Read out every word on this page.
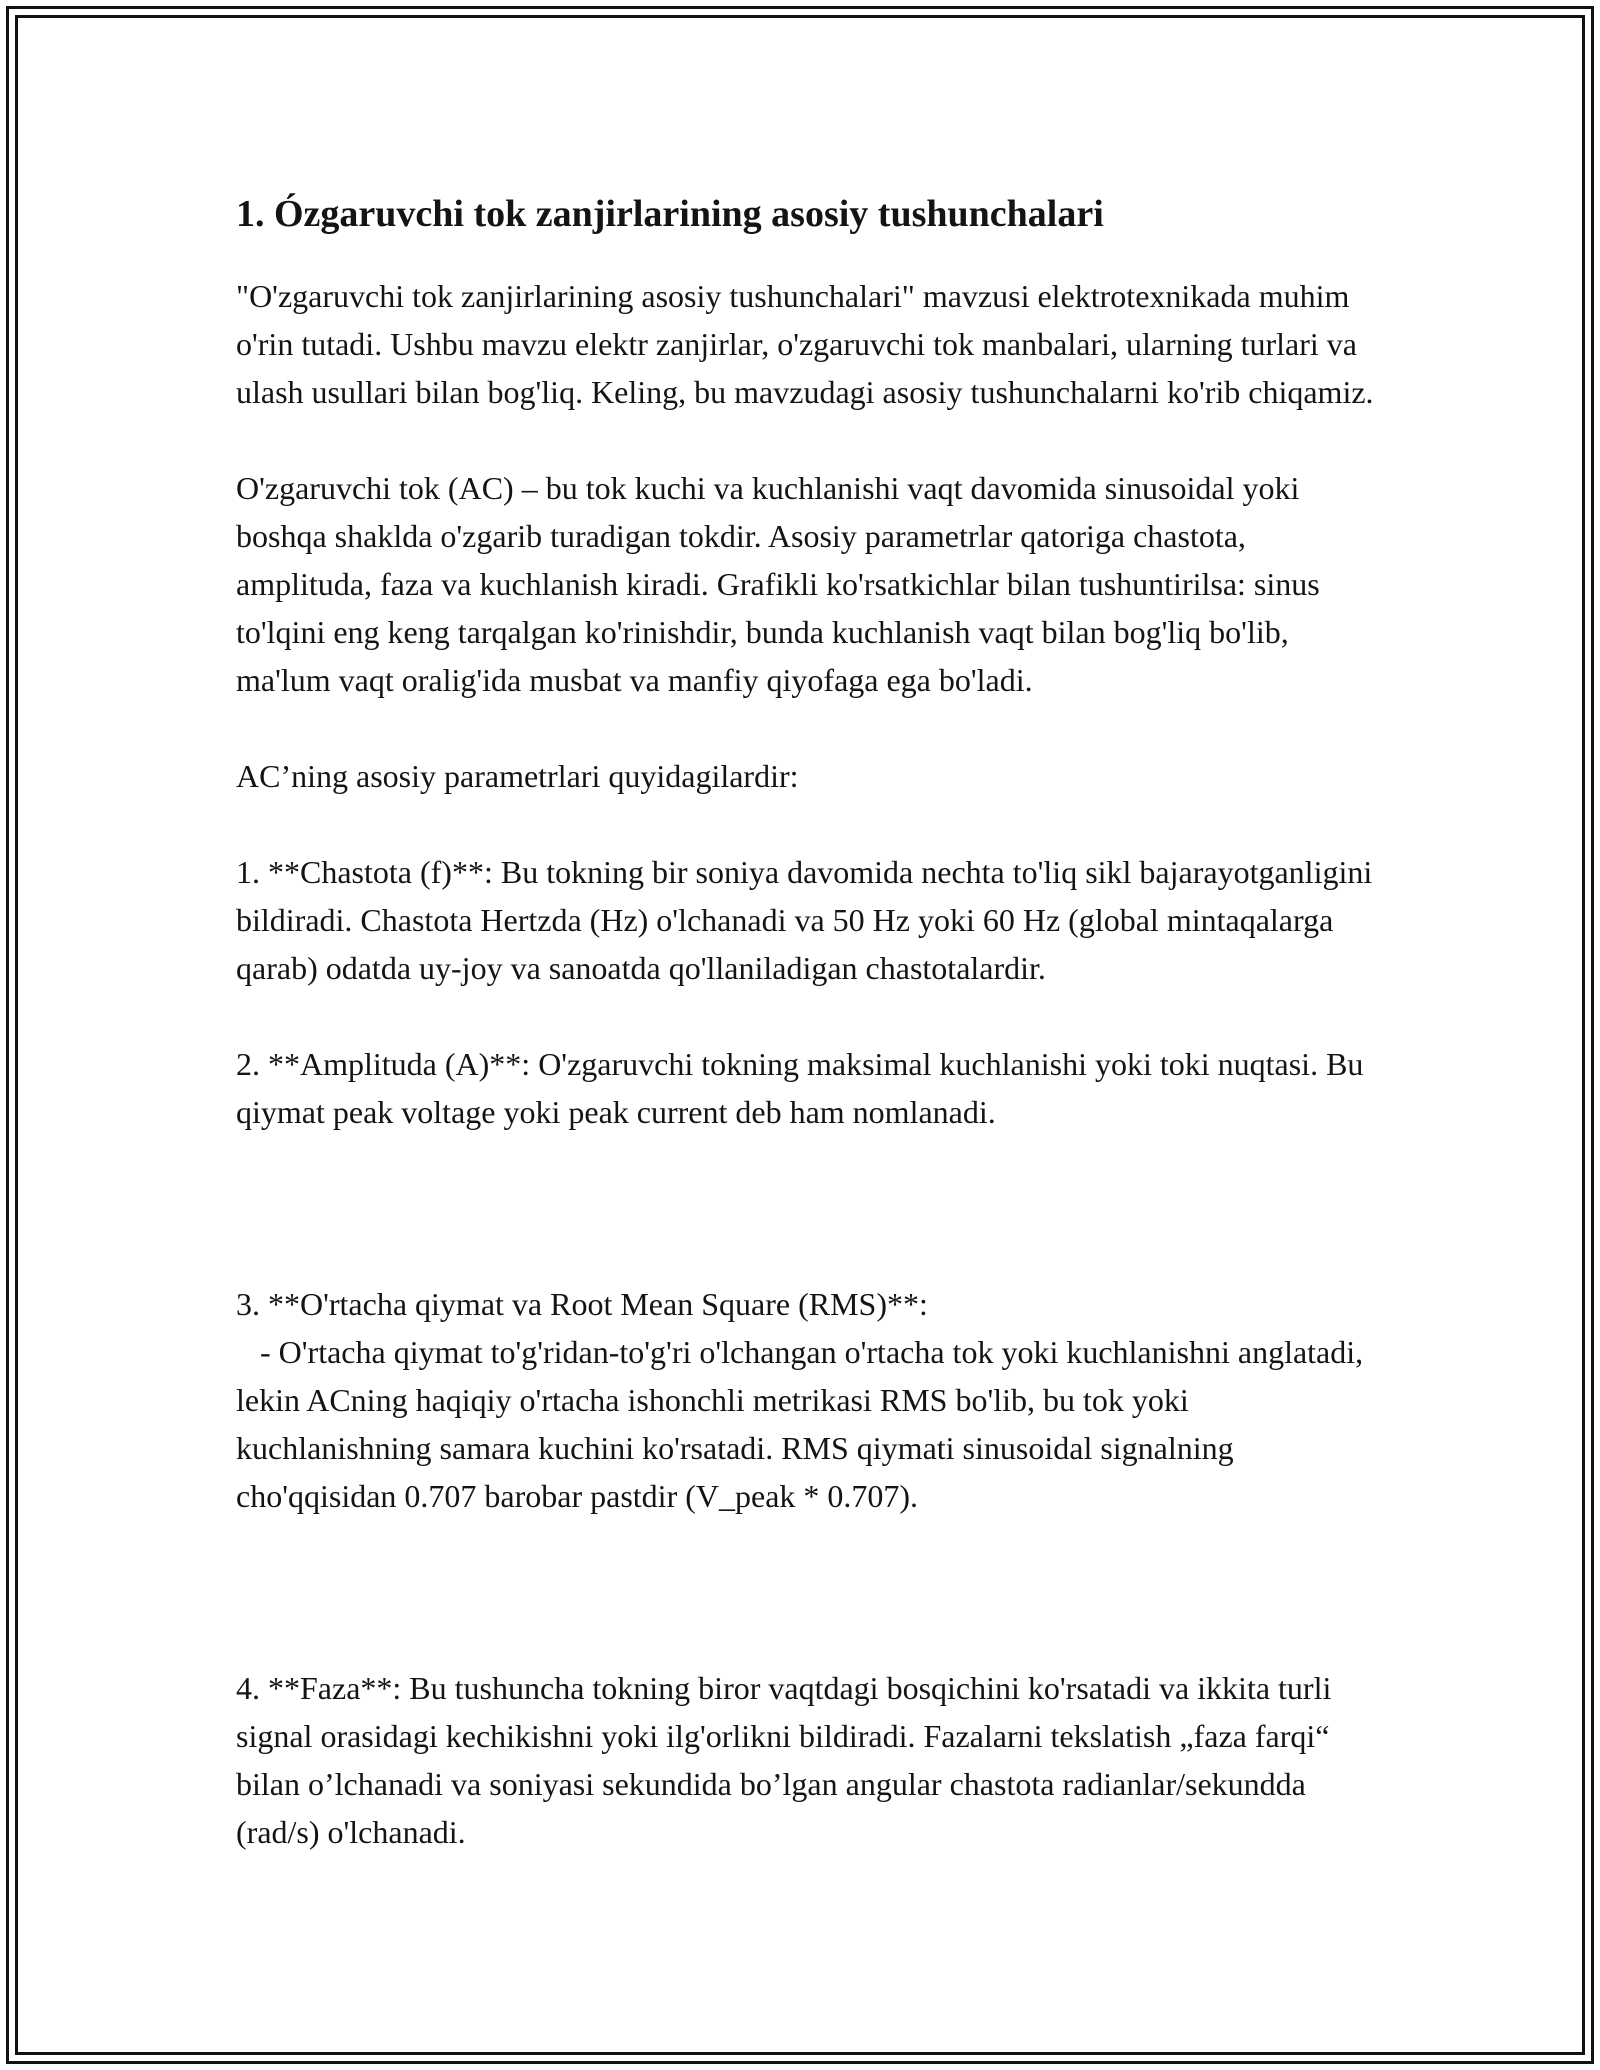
1. Ózgaruvchi tok zanjirlarining asosiy tushunchalari

"O'zgaruvchi tok zanjirlarining asosiy tushunchalari" mavzusi elektrotexnikada muhim o'rin tutadi. Ushbu mavzu elektr zanjirlar, o'zgaruvchi tok manbalari, ularning turlari va ulash usullari bilan bog'liq. Keling, bu mavzudagi asosiy tushunchalarni ko'rib chiqamiz.

O'zgaruvchi tok (AC) – bu tok kuchi va kuchlanishi vaqt davomida sinusoidal yoki boshqa shaklda o'zgarib turadigan tokdir. Asosiy parametrlar qatoriga chastota, amplituda, faza va kuchlanish kiradi. Grafikli ko'rsatkichlar bilan tushuntirilsa: sinus to'lqini eng keng tarqalgan ko'rinishdir, bunda kuchlanish vaqt bilan bog'liq bo'lib, ma'lum vaqt oralig'ida musbat va manfiy qiyofaga ega bo'ladi.

AC’ning asosiy parametrlari quyidagilardir:

1. **Chastota (f)**: Bu tokning bir soniya davomida nechta to'liq sikl bajarayotganligini bildiradi. Chastota Hertzda (Hz) o'lchanadi va 50 Hz yoki 60 Hz (global mintaqalarga qarab) odatda uy-joy va sanoatda qo'llaniladigan chastotalardir.

2. **Amplituda (A)**: O'zgaruvchi tokning maksimal kuchlanishi yoki toki nuqtasi. Bu qiymat peak voltage yoki peak current deb ham nomlanadi.

3. **O'rtacha qiymat va Root Mean Square (RMS)**:
- O'rtacha qiymat to'g'ridan-to'g'ri o'lchangan o'rtacha tok yoki kuchlanishni anglatadi, lekin ACning haqiqiy o'rtacha ishonchli metrikasi RMS bo'lib, bu tok yoki kuchlanishning samara kuchini ko'rsatadi. RMS qiymati sinusoidal signalning cho'qqisidan 0.707 barobar pastdir (V_peak * 0.707).

4. **Faza**: Bu tushuncha tokning biror vaqtdagi bosqichini ko'rsatadi va ikkita turli signal orasidagi kechikishni yoki ilg'orlikni bildiradi. Fazalarni tekslatish „faza farqi“ bilan o’lchanadi va soniyasi sekundida bo’lgan angular chastota radianlar/sekundda (rad/s) o'lchanadi.
